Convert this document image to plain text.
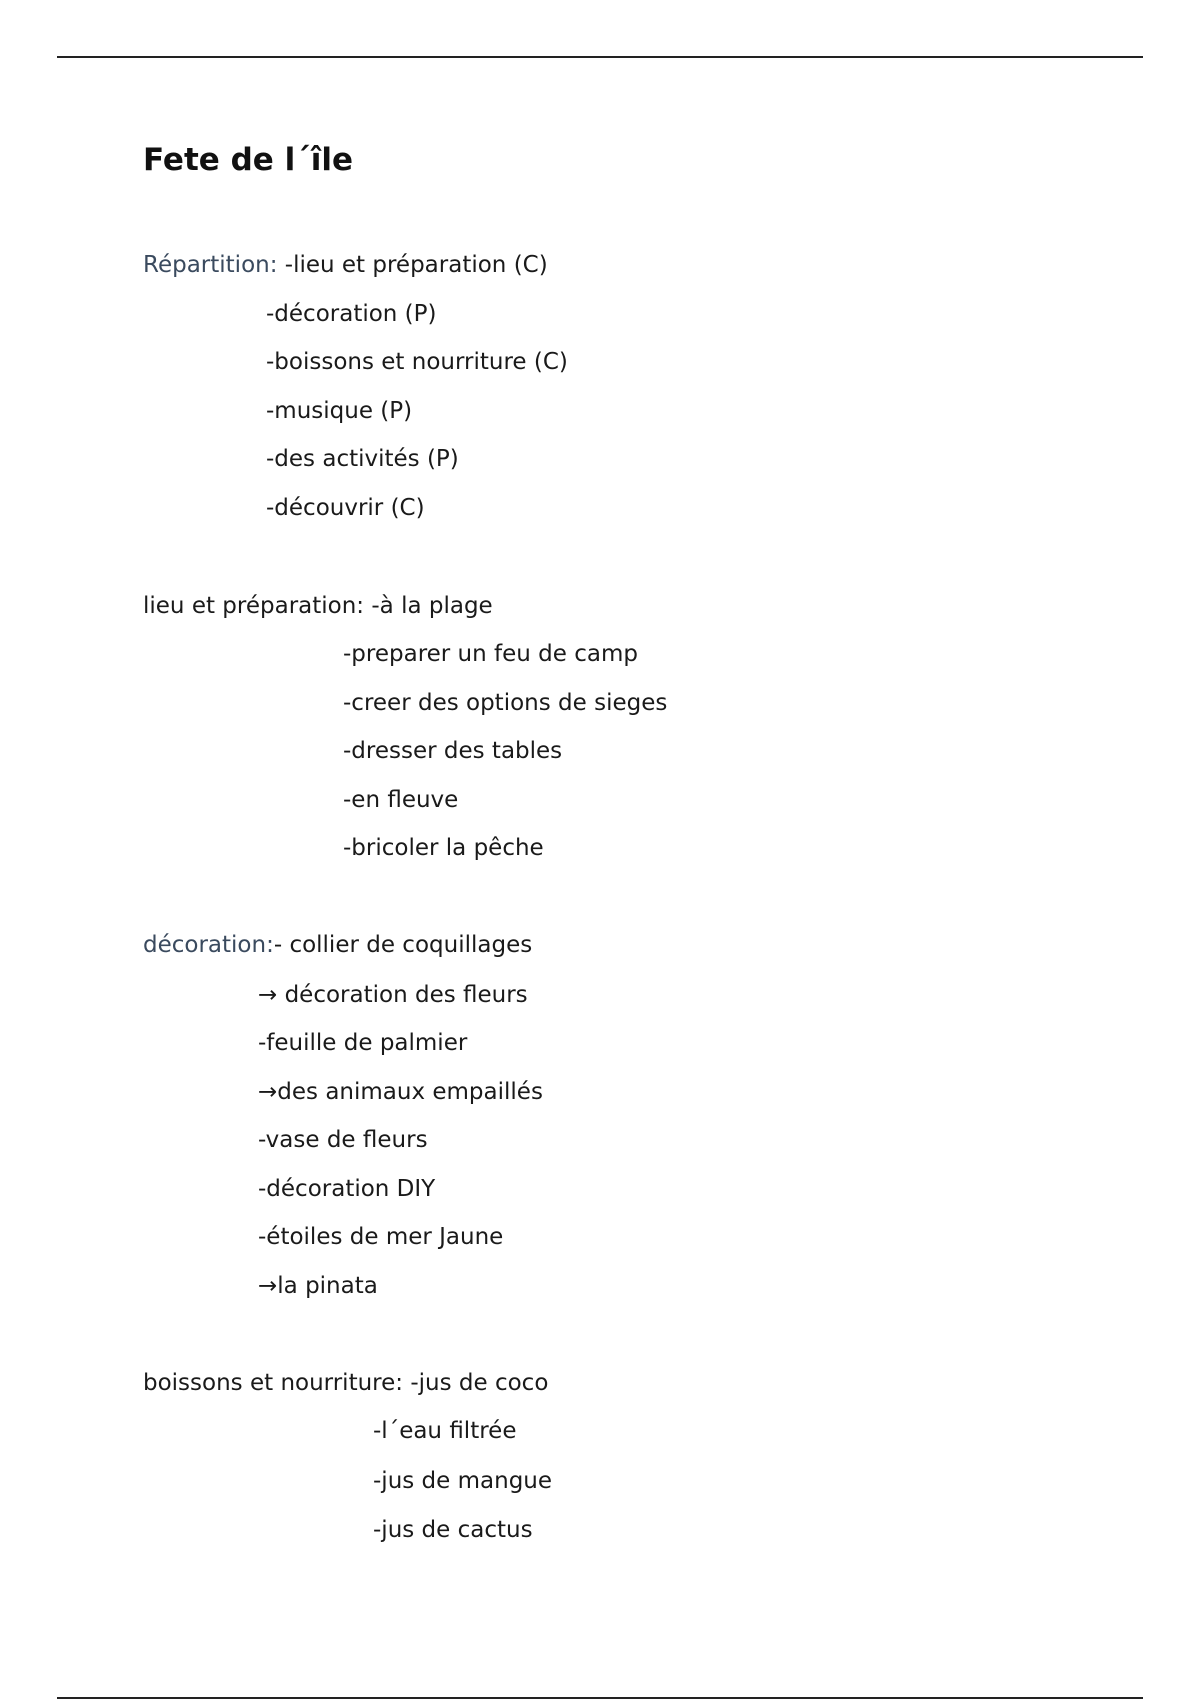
Fete de l´île
Répartition: -lieu et préparation (C)
-décoration (P)
-boissons et nourriture (C)
-musique (P)
-des activités (P)
-découvrir (C)
lieu et préparation: -à la plage
-preparer un feu de camp
-creer des options de sieges
-dresser des tables
-en fleuve
-bricoler la pêche
décoration:- collier de coquillages
→ décoration des fleurs
-feuille de palmier
→des animaux empaillés
-vase de fleurs
-décoration DIY
-étoiles de mer Jaune
→la pinata
boissons et nourriture: -jus de coco
-l´eau filtrée
-jus de mangue
-jus de cactus
